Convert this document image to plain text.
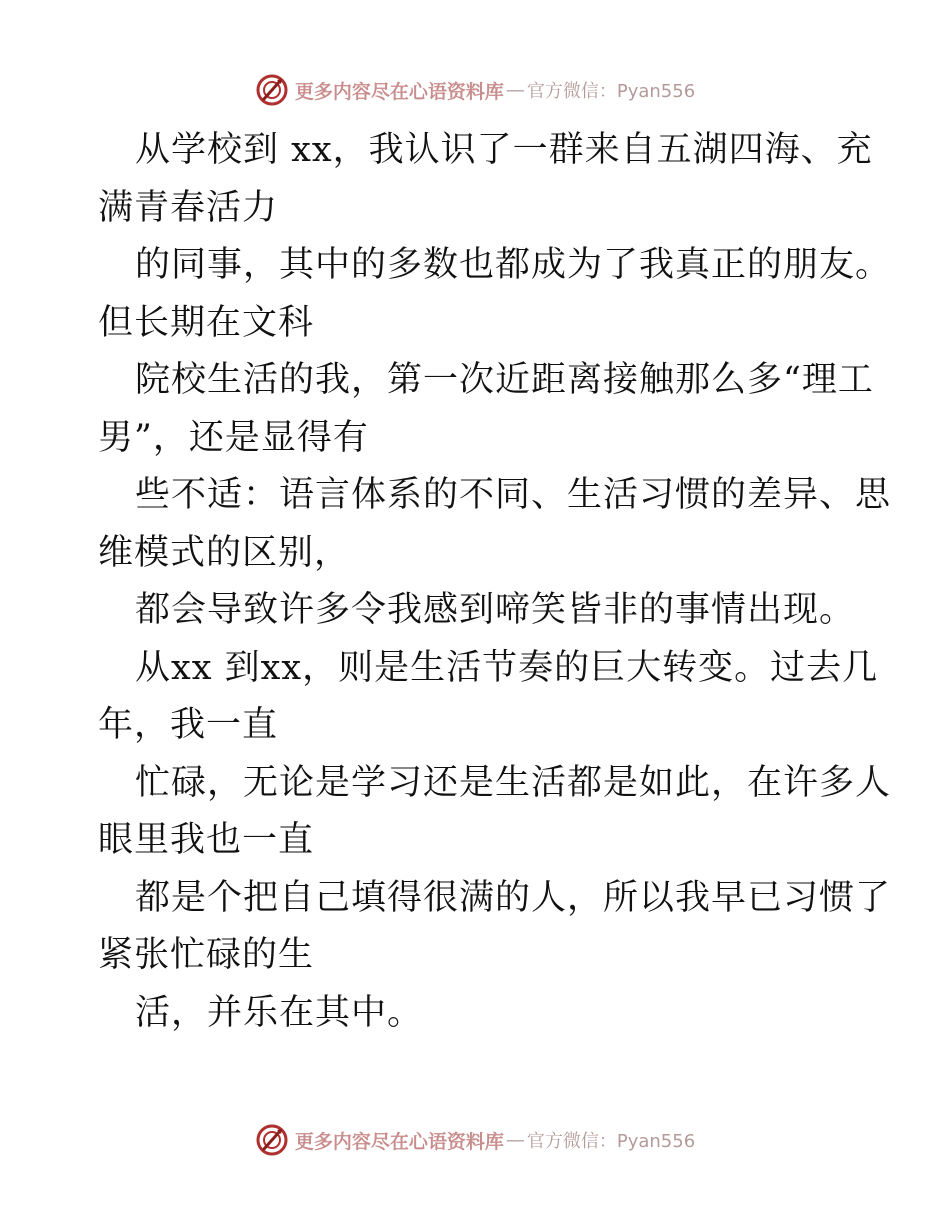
更多内容尽在心语资料库 — 官方微信：Pyan556
从学校到 xx，我认识了一群来自五湖四海、充
满青春活力
的同事，其中的多数也都成为了我真正的朋友。
但长期在文科
院校生活的我，第一次近距离接触那么多“理工
男”，还是显得有
些不适：语言体系的不同、生活习惯的差异、思
维模式的区别，
都会导致许多令我感到啼笑皆非的事情出现。
从xx 到xx，则是生活节奏的巨大转变。过去几
年，我一直
忙碌，无论是学习还是生活都是如此，在许多人
眼里我也一直
都是个把自己填得很满的人，所以我早已习惯了
紧张忙碌的生
活，并乐在其中。
更多内容尽在心语资料库 — 官方微信：Pyan556
